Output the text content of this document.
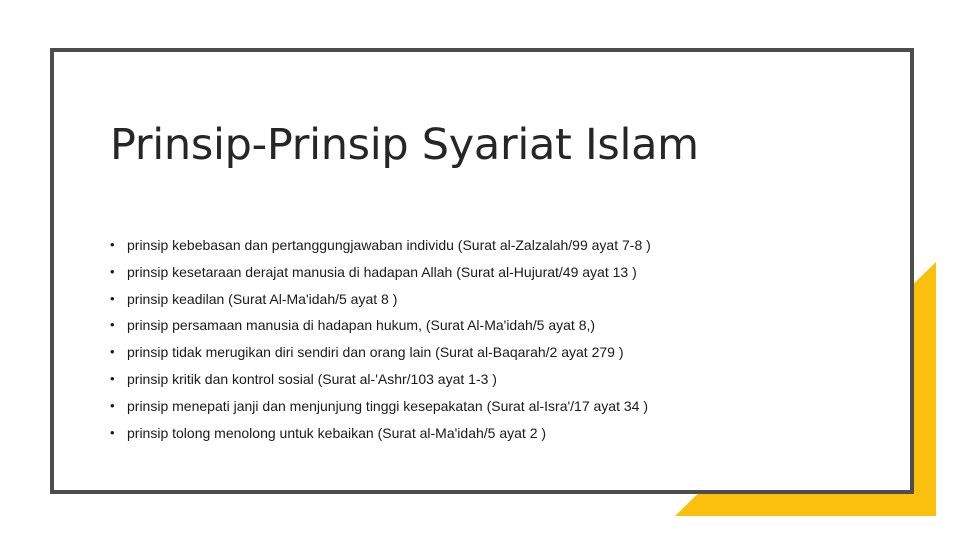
Prinsip-Prinsip Syariat Islam
• prinsip kebebasan dan pertanggungjawaban individu (Surat al-Zalzalah/99 ayat 7-8 )
• prinsip kesetaraan derajat manusia di hadapan Allah (Surat al-Hujurat/49 ayat 13 )
• prinsip keadilan (Surat Al-Ma'idah/5 ayat 8 )
• prinsip persamaan manusia di hadapan hukum, (Surat Al-Ma'idah/5 ayat 8,)
• prinsip tidak merugikan diri sendiri dan orang lain (Surat al-Baqarah/2 ayat 279 )
• prinsip kritik dan kontrol sosial (Surat al-'Ashr/103 ayat 1-3 )
• prinsip menepati janji dan menjunjung tinggi kesepakatan (Surat al-Isra'/17 ayat 34 )
• prinsip tolong menolong untuk kebaikan (Surat al-Ma'idah/5 ayat 2 )
